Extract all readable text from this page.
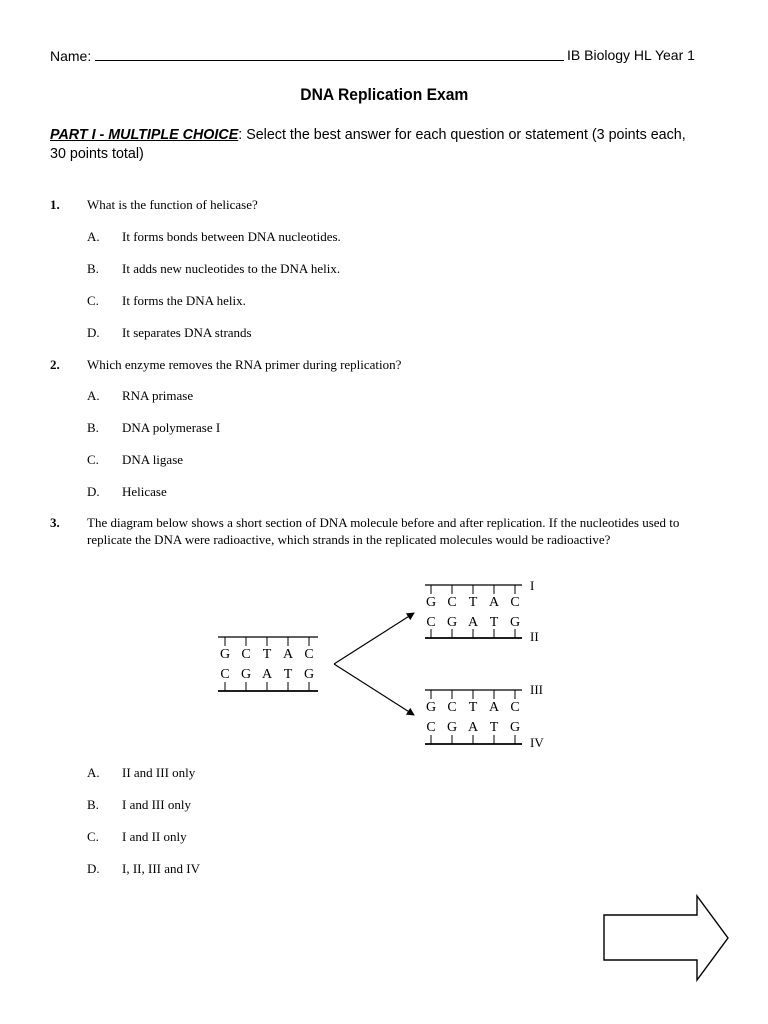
Name:	IB Biology HL Year 1
DNA Replication Exam
PART I - MULTIPLE CHOICE: Select the best answer for each question or statement (3 points each, 30 points total)
1. What is the function of helicase?
A. It forms bonds between DNA nucleotides.
B. It adds new nucleotides to the DNA helix.
C. It forms the DNA helix.
D. It separates DNA strands
2. Which enzyme removes the RNA primer during replication?
A. RNA primase
B. DNA polymerase I
C. DNA ligase
D. Helicase
3. The diagram below shows a short section of DNA molecule before and after replication. If the nucleotides used to replicate the DNA were radioactive, which strands in the replicated molecules would be radioactive?
A. II and III only
B. I and III only
C. I and II only
D. I, II, III and IV
G C T A C
C G A T G
G C T A C
C G A T G
I
II
G C T A C
C G A T G
III
IV
